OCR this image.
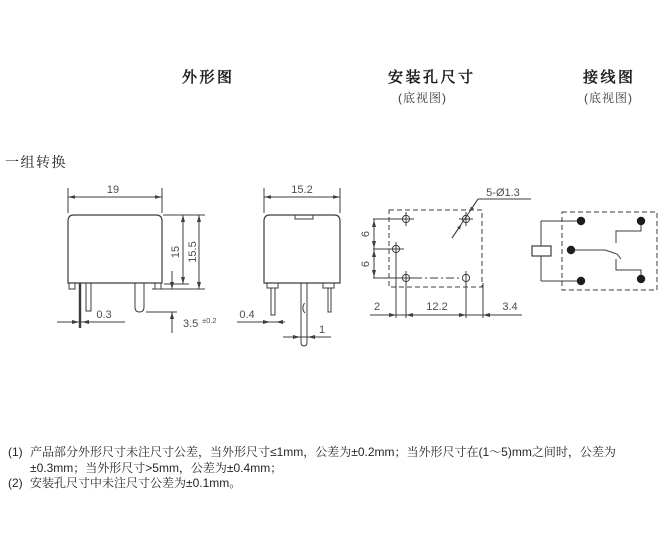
外形图	安装孔尺寸
(底视图)
接线图
(底视图)
一组转换
19
15 15.5
0.3
3.5 ±0.2
15.2
0.4
1
6
6
2	12.2	3.4
5-Ø1.3
(1) 产品部分外形尺寸未注尺寸公差，当外形尺寸≤1mm，公差为±0.2mm；当外形尺寸在(1～5)mm之间时，公差为±0.3mm；当外形尺寸>5mm，公差为±0.4mm；
(2) 安装孔尺寸中未注尺寸公差为±0.1mm。
